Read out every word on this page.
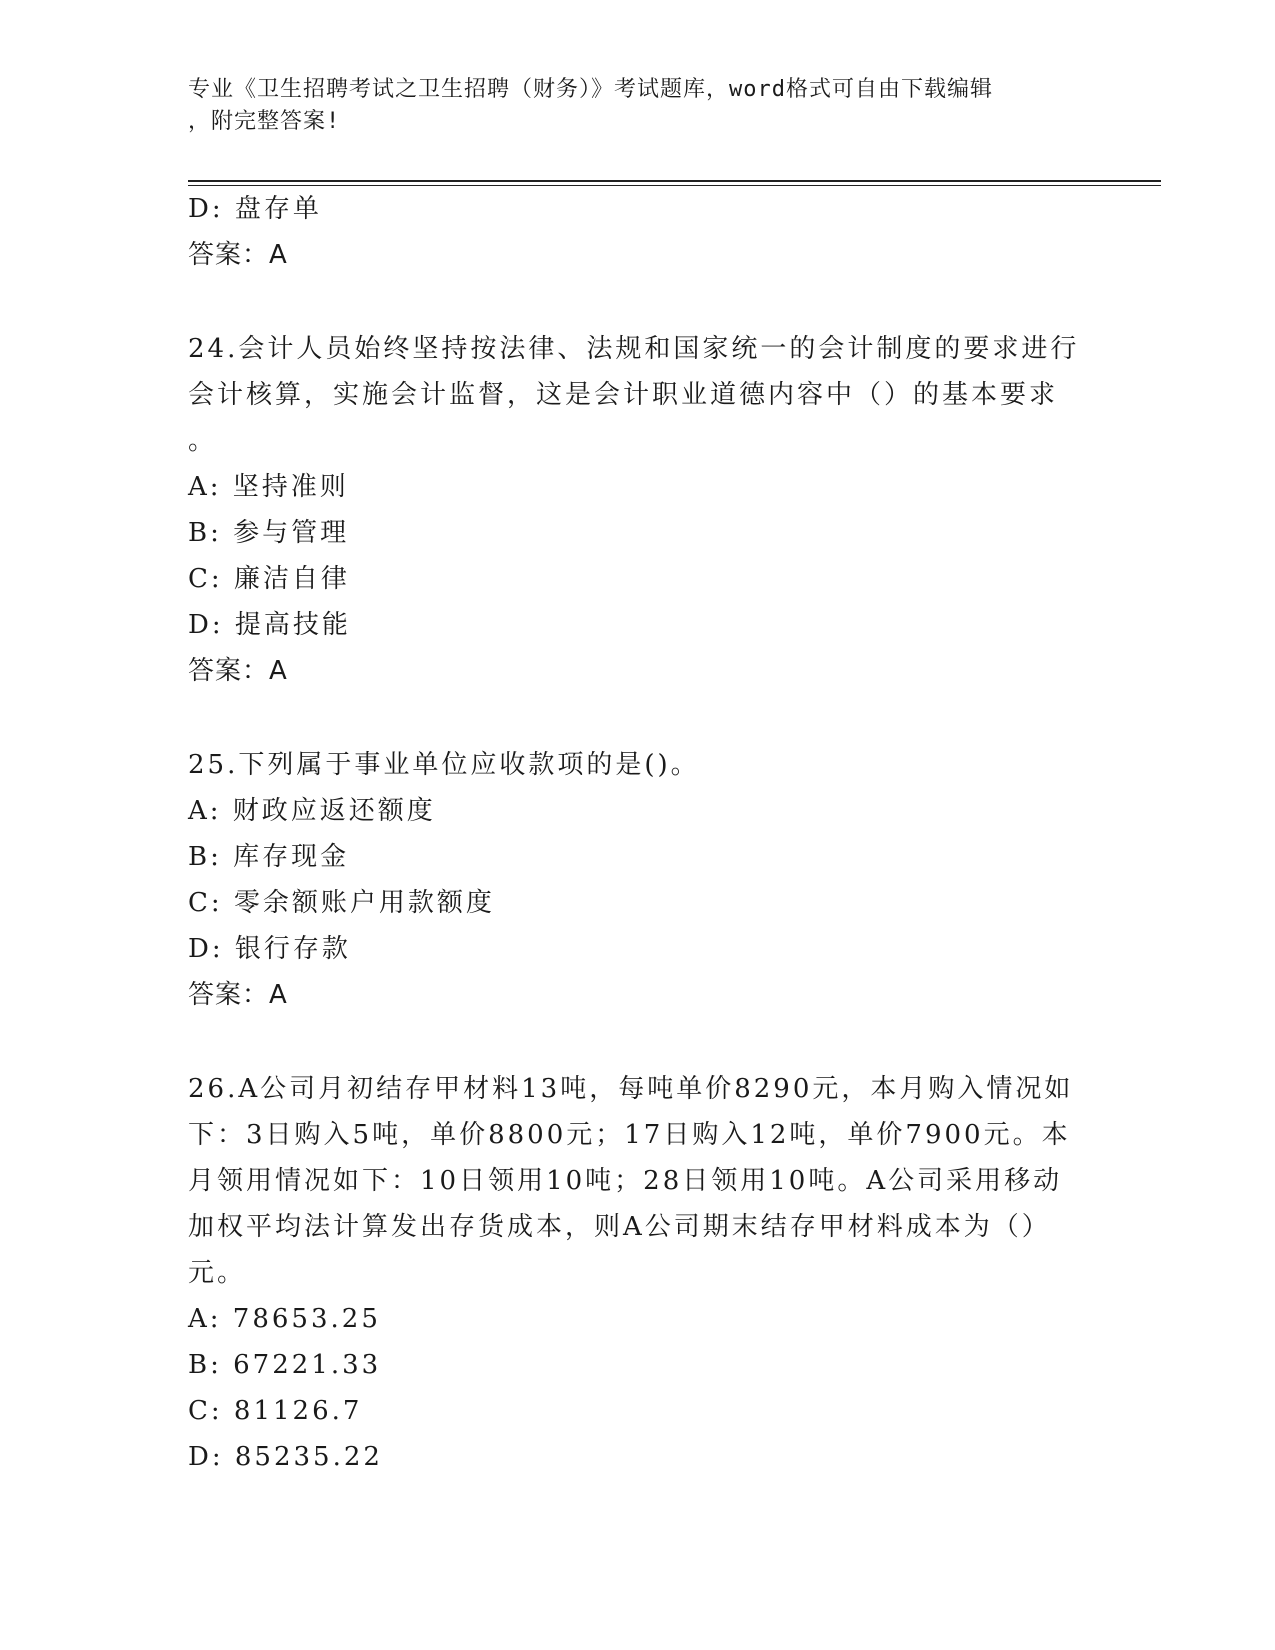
专业《卫生招聘考试之卫生招聘（财务）》考试题库，word格式可自由下载编辑
，附完整答案!
D: 盘存单
答案：A
24.会计人员始终坚持按法律、法规和国家统一的会计制度的要求进行
会计核算，实施会计监督，这是会计职业道德内容中（）的基本要求
。
A: 坚持准则
B: 参与管理
C: 廉洁自律
D: 提高技能
答案：A
25.下列属于事业单位应收款项的是()。
A: 财政应返还额度
B: 库存现金
C: 零余额账户用款额度
D: 银行存款
答案：A
26.A公司月初结存甲材料13吨，每吨单价8290元，本月购入情况如
下：3日购入5吨，单价8800元；17日购入12吨，单价7900元。本
月领用情况如下：10日领用10吨；28日领用10吨。A公司采用移动
加权平均法计算发出存货成本，则A公司期末结存甲材料成本为（）
元。
A: 78653.25
B: 67221.33
C: 81126.7
D: 85235.22
